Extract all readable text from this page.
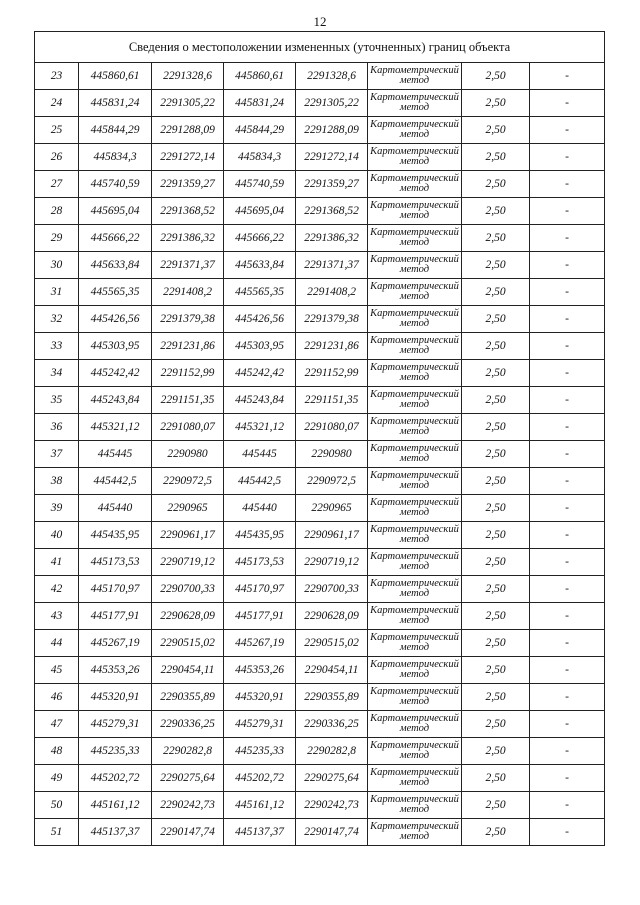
12
Сведения о местоположении измененных (уточненных) границ объекта							
23	445860,61	2291328,6	445860,61	2291328,6	Картометрический метод	2,50	-
24	445831,24	2291305,22	445831,24	2291305,22	Картометрический метод	2,50	-
25	445844,29	2291288,09	445844,29	2291288,09	Картометрический метод	2,50	-
26	445834,3	2291272,14	445834,3	2291272,14	Картометрический метод	2,50	-
27	445740,59	2291359,27	445740,59	2291359,27	Картометрический метод	2,50	-
28	445695,04	2291368,52	445695,04	2291368,52	Картометрический метод	2,50	-
29	445666,22	2291386,32	445666,22	2291386,32	Картометрический метод	2,50	-
30	445633,84	2291371,37	445633,84	2291371,37	Картометрический метод	2,50	-
31	445565,35	2291408,2	445565,35	2291408,2	Картометрический метод	2,50	-
32	445426,56	2291379,38	445426,56	2291379,38	Картометрический метод	2,50	-
33	445303,95	2291231,86	445303,95	2291231,86	Картометрический метод	2,50	-
34	445242,42	2291152,99	445242,42	2291152,99	Картометрический метод	2,50	-
35	445243,84	2291151,35	445243,84	2291151,35	Картометрический метод	2,50	-
36	445321,12	2291080,07	445321,12	2291080,07	Картометрический метод	2,50	-
37	445445	2290980	445445	2290980	Картометрический метод	2,50	-
38	445442,5	2290972,5	445442,5	2290972,5	Картометрический метод	2,50	-
39	445440	2290965	445440	2290965	Картометрический метод	2,50	-
40	445435,95	2290961,17	445435,95	2290961,17	Картометрический метод	2,50	-
41	445173,53	2290719,12	445173,53	2290719,12	Картометрический метод	2,50	-
42	445170,97	2290700,33	445170,97	2290700,33	Картометрический метод	2,50	-
43	445177,91	2290628,09	445177,91	2290628,09	Картометрический метод	2,50	-
44	445267,19	2290515,02	445267,19	2290515,02	Картометрический метод	2,50	-
45	445353,26	2290454,11	445353,26	2290454,11	Картометрический метод	2,50	-
46	445320,91	2290355,89	445320,91	2290355,89	Картометрический метод	2,50	-
47	445279,31	2290336,25	445279,31	2290336,25	Картометрический метод	2,50	-
48	445235,33	2290282,8	445235,33	2290282,8	Картометрический метод	2,50	-
49	445202,72	2290275,64	445202,72	2290275,64	Картометрический метод	2,50	-
50	445161,12	2290242,73	445161,12	2290242,73	Картометрический метод	2,50	-
51	445137,37	2290147,74	445137,37	2290147,74	Картометрический метод	2,50	-
